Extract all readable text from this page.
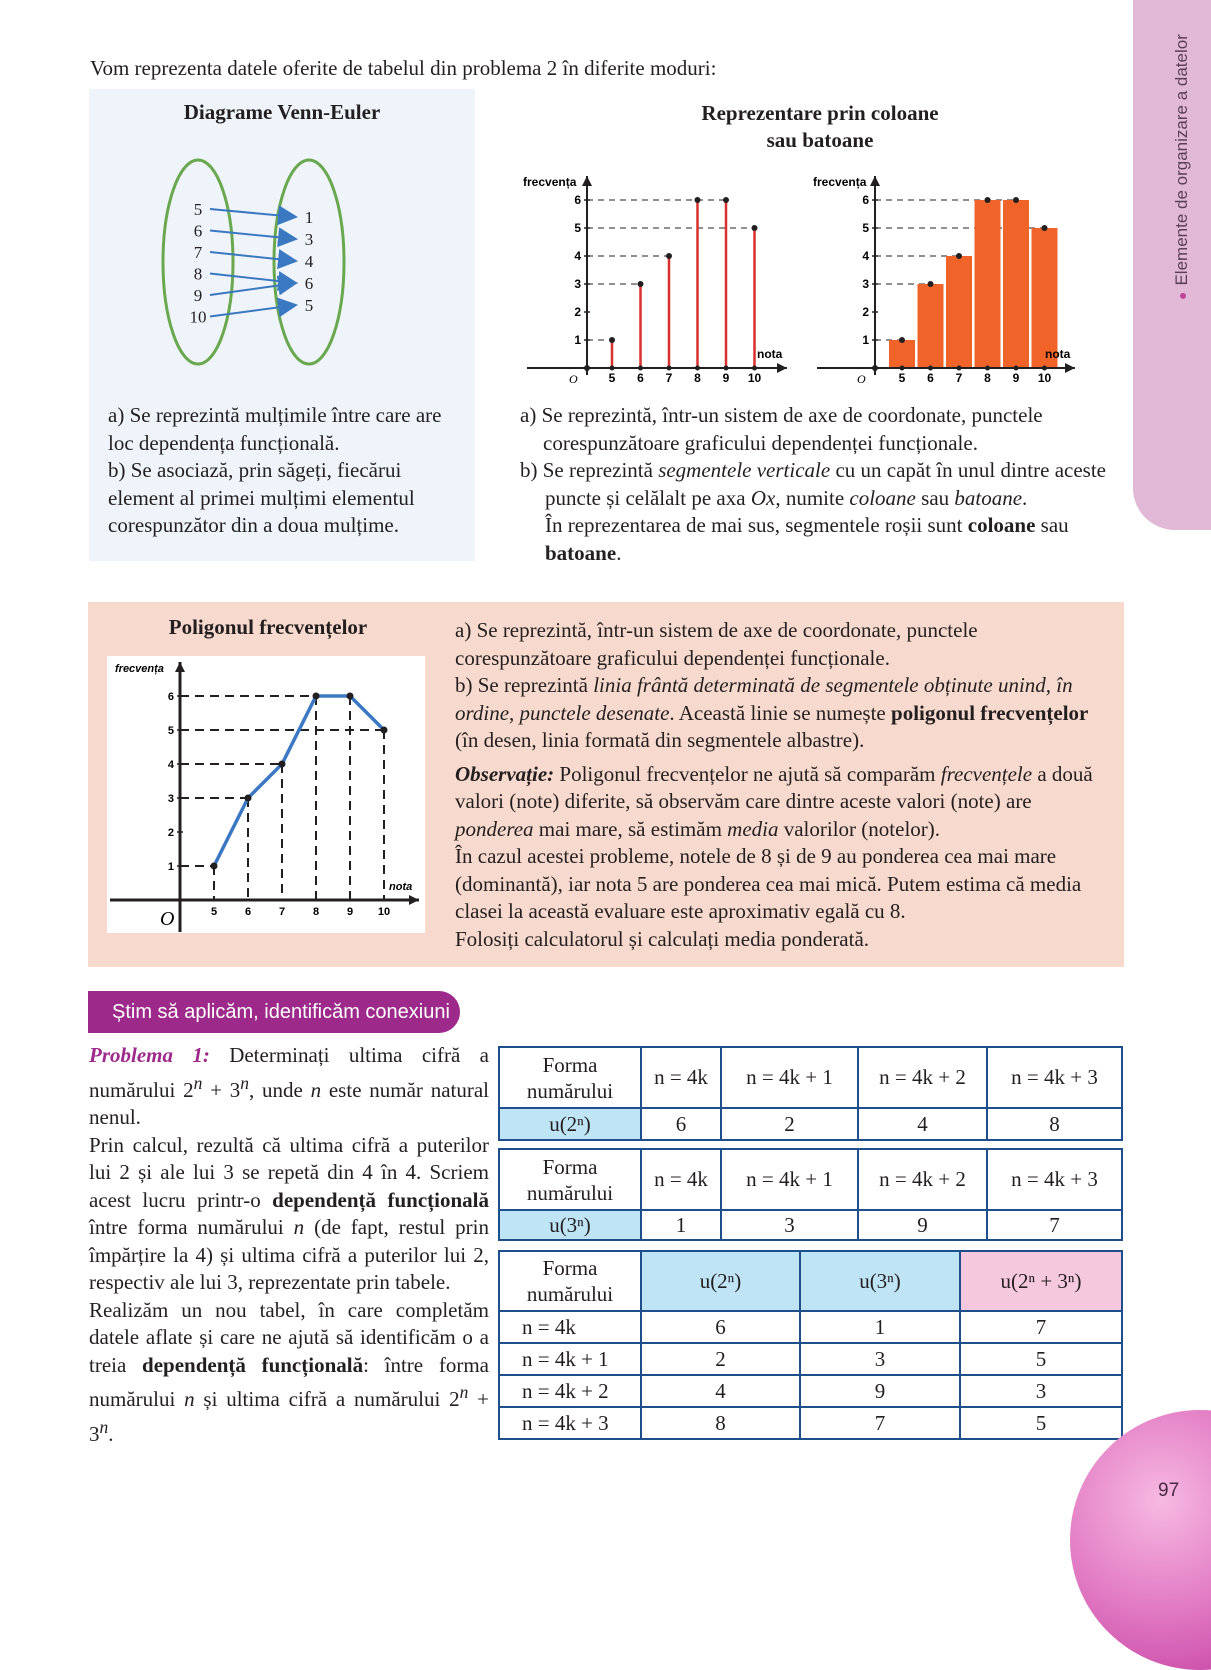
●Elemente de organizare a datelor

Vom reprezenta datele oferite de tabelul din problema 2 în diferite moduri:

Diagrame Venn-Euler
5
6
7
8
9
10
1
3
4
6
5

a) Se reprezintă mulțimile între care are loc dependența funcțională.

b) Se asociază, prin săgeți, fiecărui element al primei mulțimi elementul corespunzător din a doua mulțime.

Reprezentare prin coloane
sau batoane
1
2
3
4
5
6
frecvența
nota
O	5 6 7 8 9 10
1
2
3
4
5
6
frecvența
nota
O	5 6 7 8 9 10

a) Se reprezintă, într-un sistem de axe de coordonate, punctele corespunzătoare graficului dependenței funcționale.

b) Se reprezintă segmentele verticale cu un capăt în unul dintre aceste puncte și celălalt pe axa Ox, numite coloane sau batoane.

În reprezentarea de mai sus, segmentele roșii sunt coloane sau batoane.

Poligonul frecvențelor
1
2
3
4
5
6
frecvența
nota
O	5	6	7	8	9 10

a) Se reprezintă, într-un sistem de axe de coordonate, punctele corespunzătoare graficului dependenței funcționale.

b) Se reprezintă linia frântă determinată de segmentele obținute unind, în ordine, punctele desenate. Această linie se numește poligonul frecvențelor (în desen, linia formată din segmentele albastre).

Observație: Poligonul frecvențelor ne ajută să comparăm frecvențele a două valori (note) diferite, să observăm care dintre aceste valori (note) are ponderea mai mare, să estimăm media valorilor (notelor).

În cazul acestei probleme, notele de 8 și de 9 au ponderea cea mai mare (dominantă), iar nota 5 are ponderea cea mai mică. Putem estima că media clasei la această evaluare este aproximativ egală cu 8.

Folosiți calculatorul și calculați media ponderată.

Știm să aplicăm, identificăm conexiuni

Problema 1: Determinați ultima cifră a numărului $2^n + 3^n$, unde n este număr natural nenul.

Prin calcul, rezultă că ultima cifră a puterilor lui 2 și ale lui 3 se repetă din 4 în 4. Scriem acest lucru printr-o dependență funcțională între forma numărului n (de fapt, restul prin împărțire la 4) și ultima cifră a puterilor lui 2, respectiv ale lui 3, reprezentate prin tabele.

Realizăm un nou tabel, în care completăm datele aflate și care ne ajută să identificăm o a treia dependență funcțională: între forma numărului n și ultima cifră a numărului $2^n + 3^n$.

Forma numărului	n = 4k	n = 4k + 1	n = 4k + 2	n = 4k + 3
u(2ⁿ)	6	2	4	8
Forma numărului	n = 4k	n = 4k + 1	n = 4k + 2	n = 4k + 3
u(3ⁿ)	1	3	9	7
Forma numărului	u(2ⁿ)	u(3ⁿ)	u(2ⁿ + 3ⁿ)
n = 4k	6	1	7
n = 4k + 1	2	3	5
n = 4k + 2	4	9	3
n = 4k + 3	8	7	5
97
